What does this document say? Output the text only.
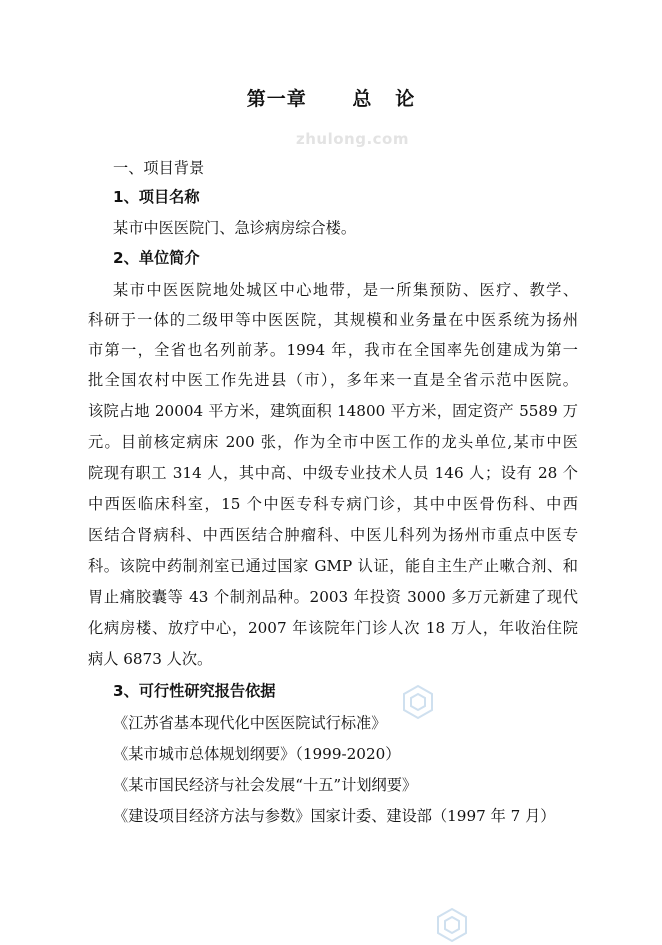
第一章      总   论
zhulong.com
一、项目背景
1、项目名称
某市中医医院门、急诊病房综合楼。
2、单位简介
某市中医医院地处城区中心地带，是一所集预防、医疗、教学、
科研于一体的二级甲等中医医院，其规模和业务量在中医系统为扬州
市第一，全省也名列前茅。1994 年，我市在全国率先创建成为第一
批全国农村中医工作先进县（市），多年来一直是全省示范中医院。
该院占地 20004 平方米，建筑面积 14800 平方米，固定资产 5589 万
元。目前核定病床 200 张，作为全市中医工作的龙头单位,某市中医
院现有职工 314 人，其中高、中级专业技术人员 146 人；设有 28 个
中西医临床科室，15 个中医专科专病门诊，其中中医骨伤科、中西
医结合肾病科、中西医结合肿瘤科、中医儿科列为扬州市重点中医专
科。该院中药制剂室已通过国家 GMP 认证，能自主生产止嗽合剂、和
胃止痛胶囊等 43 个制剂品种。2003 年投资 3000 多万元新建了现代
化病房楼、放疗中心，2007 年该院年门诊人次 18 万人，年收治住院
病人 6873 人次。
3、可行性研究报告依据
《江苏省基本现代化中医医院试行标准》
《某市城市总体规划纲要》（1999-2020）
《某市国民经济与社会发展“十五”计划纲要》
《建设项目经济方法与参数》国家计委、建设部（1997 年 7 月）
